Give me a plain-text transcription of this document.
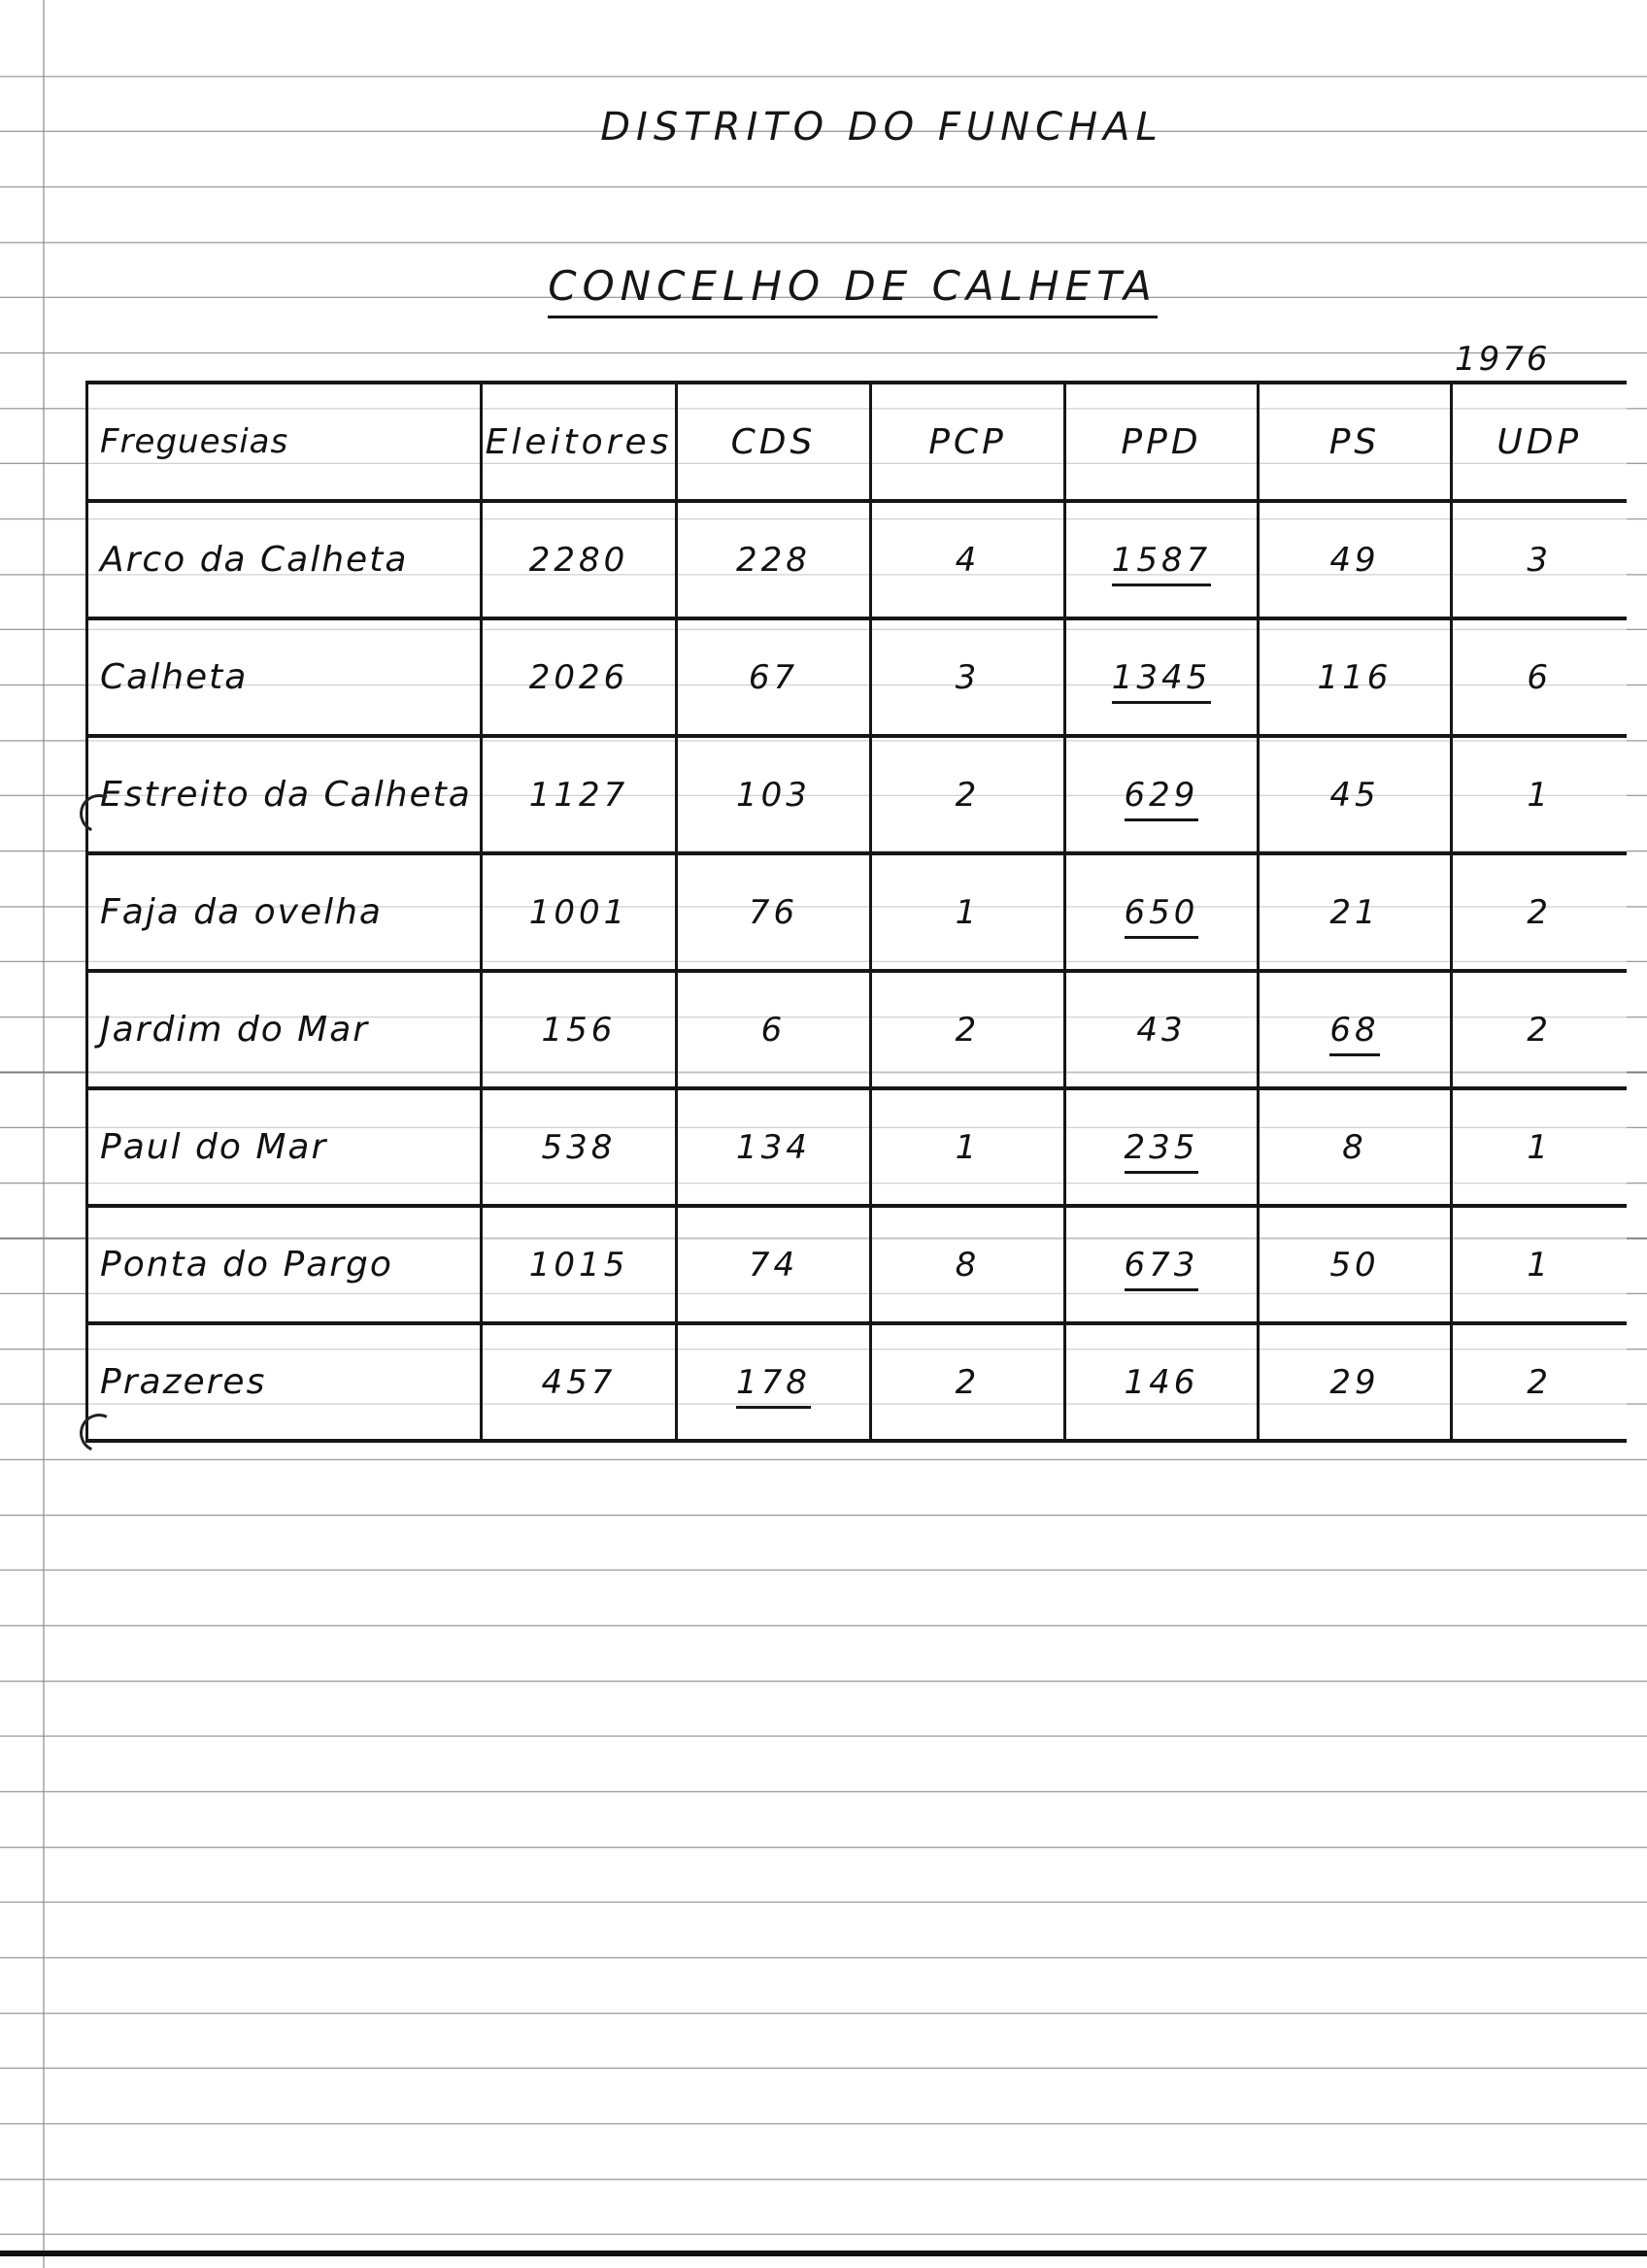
DISTRITO DO FUNCHAL
CONCELHO DE CALHETA
1976
Freguesias	Eleitores	CDS	PCP	PPD	PS	UDP
Arco da Calheta	2280	228	4	1587	49	3
Calheta	2026	67	3	1345	116	6
Estreito da Calheta	1127	103	2	629	45	1
Faja da ovelha	1001	76	1	650	21	2
Jardim do Mar	156	6	2	43	68	2
Paul do Mar	538	134	1	235	8	1
Ponta do Pargo	1015	74	8	673	50	1
Prazeres	457	178	2	146	29	2
